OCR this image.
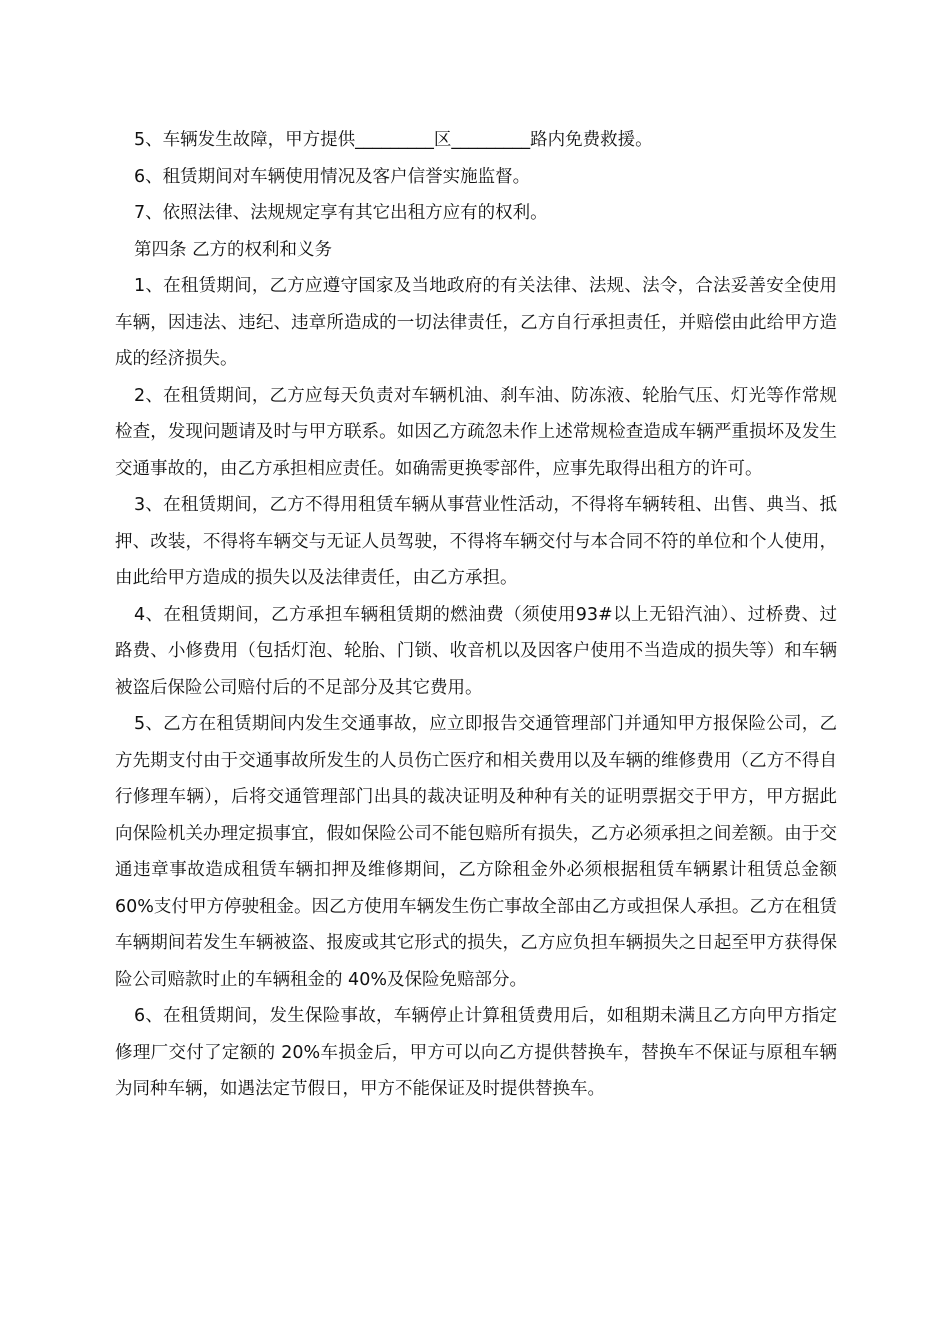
5、车辆发生故障，甲方提供_________区_________路内免费救援。

6、租赁期间对车辆使用情况及客户信誉实施监督。

7、依照法律、法规规定享有其它出租方应有的权利。

第四条 乙方的权利和义务

1、在租赁期间，乙方应遵守国家及当地政府的有关法律、法规、法令，合法妥善安全使用车辆，因违法、违纪、违章所造成的一切法律责任，乙方自行承担责任，并赔偿由此给甲方造成的经济损失。

2、在租赁期间，乙方应每天负责对车辆机油、刹车油、防冻液、轮胎气压、灯光等作常规检查，发现问题请及时与甲方联系。如因乙方疏忽未作上述常规检查造成车辆严重损坏及发生交通事故的，由乙方承担相应责任。如确需更换零部件，应事先取得出租方的许可。

3、在租赁期间，乙方不得用租赁车辆从事营业性活动，不得将车辆转租、出售、典当、抵押、改装，不得将车辆交与无证人员驾驶，不得将车辆交付与本合同不符的单位和个人使用，由此给甲方造成的损失以及法律责任，由乙方承担。

4、在租赁期间，乙方承担车辆租赁期的燃油费（须使用93#以上无铅汽油）、过桥费、过路费、小修费用（包括灯泡、轮胎、门锁、收音机以及因客户使用不当造成的损失等）和车辆被盗后保险公司赔付后的不足部分及其它费用。

5、乙方在租赁期间内发生交通事故，应立即报告交通管理部门并通知甲方报保险公司，乙方先期支付由于交通事故所发生的人员伤亡医疗和相关费用以及车辆的维修费用（乙方不得自行修理车辆），后将交通管理部门出具的裁决证明及种种有关的证明票据交于甲方，甲方据此向保险机关办理定损事宜，假如保险公司不能包赔所有损失，乙方必须承担之间差额。由于交通违章事故造成租赁车辆扣押及维修期间，乙方除租金外必须根据租赁车辆累计租赁总金额 60%支付甲方停驶租金。因乙方使用车辆发生伤亡事故全部由乙方或担保人承担。乙方在租赁车辆期间若发生车辆被盗、报废或其它形式的损失，乙方应负担车辆损失之日起至甲方获得保险公司赔款时止的车辆租金的 40%及保险免赔部分。

6、在租赁期间，发生保险事故，车辆停止计算租赁费用后，如租期未满且乙方向甲方指定修理厂交付了定额的 20%车损金后，甲方可以向乙方提供替换车，替换车不保证与原租车辆为同种车辆，如遇法定节假日，甲方不能保证及时提供替换车。
